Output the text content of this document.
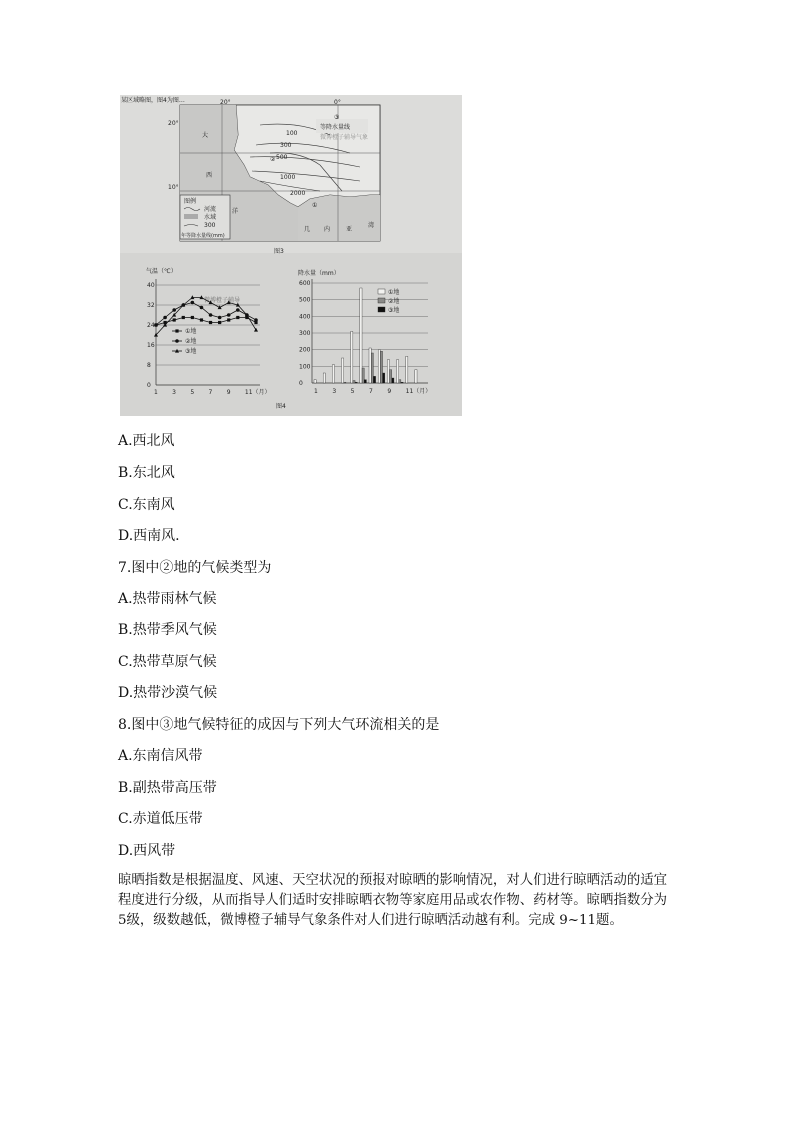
某区域略图，图4为图…
等降水量线
微博橙子辅导气象
20°	0°
20°
10°
大
西
洋
几 内	亚
湾
100
300
500
1000
2000
①
②
③
图例
河流
水域
300
年等降水量线(mm)
图3
气温（℃）
0
8
16
24
32
40
1 3 5 7 9 11（月）
①地
②地
③地
微博橙子辅导
降水量（mm）
0
100
200
300
400
500
600
1 3 5 7 9 11（月）
①地
②地
③地
图4
A.西北风
B.东北风
C.东南风
D.西南风.
7.图中②地的气候类型为
A.热带雨林气候
B.热带季风气候
C.热带草原气候
D.热带沙漠气候
8.图中③地气候特征的成因与下列大气环流相关的是
A.东南信风带
B.副热带高压带
C.赤道低压带
D.西风带
晾晒指数是根据温度、风速、天空状况的预报对晾晒的影响情况，对人们进行晾晒活动的适宜程度进行分级，从而指导人们适时安排晾晒衣物等家庭用品或农作物、药材等。晾晒指数分为 5级，级数越低，微博橙子辅导气象条件对人们进行晾晒活动越有利。完成 9~11题。
